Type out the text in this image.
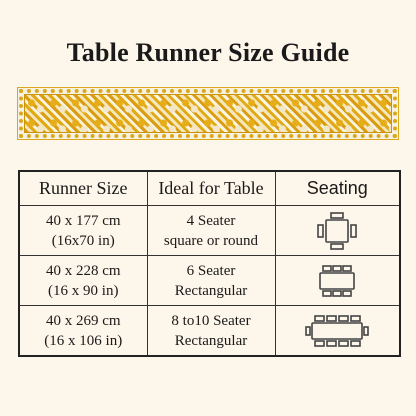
Table Runner Size Guide
Runner Size	Ideal for Table	Seating

40 x 177 cm
(16x70 in)	4 Seater
square or round

40 x 228 cm
(16 x 90 in)	6 Seater
Rectangular

40 x 269 cm
(16 x 106 in)	8 to10 Seater
Rectangular
